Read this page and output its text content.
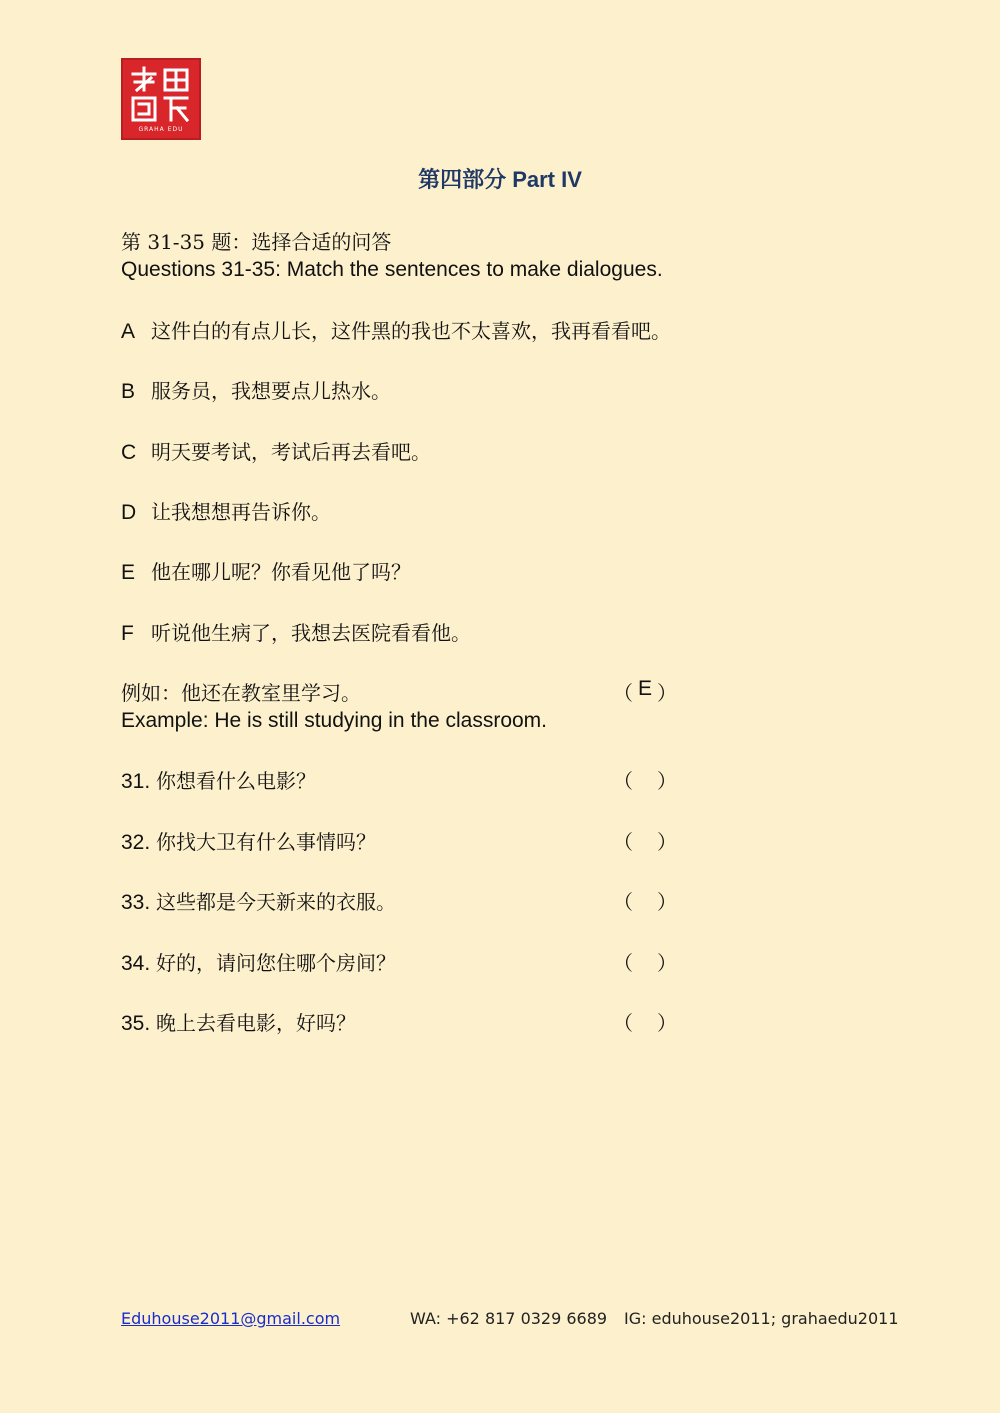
GRAHA EDU
第四部分 Part IV
第 31-35 题：选择合适的问答
Questions 31-35: Match the sentences to make dialogues.
A 这件白的有点儿长，这件黑的我也不太喜欢，我再看看吧。
B 服务员，我想要点儿热水。
C 明天要考试，考试后再去看吧。
D 让我想想再告诉你。
E 他在哪儿呢？你看见他了吗？
F 听说他生病了，我想去医院看看他。
例如：他还在教室里学习。	（ E ）
Example: He is still studying in the classroom.
31. 你想看什么电影？	（ ）
32. 你找大卫有什么事情吗？	（ ）
33. 这些都是今天新来的衣服。	（ ）
34. 好的，请问您住哪个房间？	（ ）
35. 晚上去看电影，好吗？	（ ）
Eduhouse2011@gmail.com	WA: +62 817 0329 6689 IG: eduhouse2011; grahaedu2011
